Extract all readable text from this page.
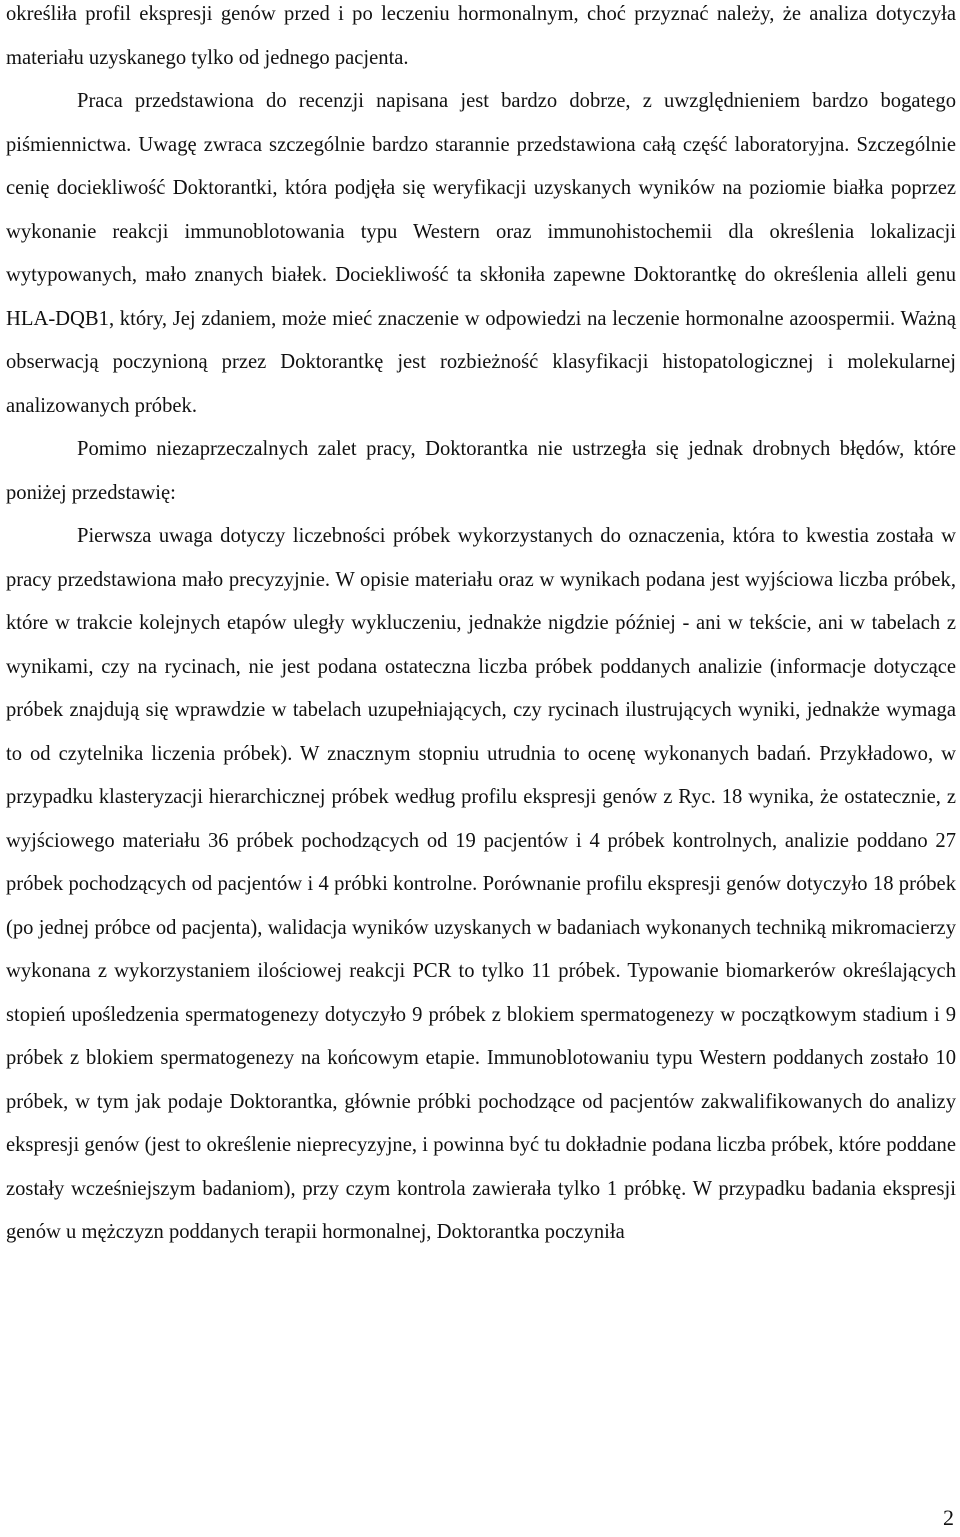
określiła profil ekspresji genów przed i po leczeniu hormonalnym, choć przyznać należy, że analiza dotyczyła materiału uzyskanego tylko od jednego pacjenta.

Praca przedstawiona do recenzji napisana jest bardzo dobrze, z uwzględnieniem bardzo bogatego piśmiennictwa. Uwagę zwraca szczególnie bardzo starannie przedstawiona całą część laboratoryjna. Szczególnie cenię dociekliwość Doktorantki, która podjęła się weryfikacji uzyskanych wyników na poziomie białka poprzez wykonanie reakcji immunoblotowania typu Western oraz immunohistochemii dla określenia lokalizacji wytypowanych, mało znanych białek. Dociekliwość ta skłoniła zapewne Doktorantkę do określenia alleli genu HLA-DQB1, który, Jej zdaniem, może mieć znaczenie w odpowiedzi na leczenie hormonalne azoospermii. Ważną obserwacją poczynioną przez Doktorantkę jest rozbieżność klasyfikacji histopatologicznej i molekularnej analizowanych próbek.

Pomimo niezaprzeczalnych zalet pracy, Doktorantka nie ustrzegła się jednak drobnych błędów, które poniżej przedstawię:

Pierwsza uwaga dotyczy liczebności próbek wykorzystanych do oznaczenia, która to kwestia została w pracy przedstawiona mało precyzyjnie. W opisie materiału oraz w wynikach podana jest wyjściowa liczba próbek, które w trakcie kolejnych etapów uległy wykluczeniu, jednakże nigdzie później - ani w tekście, ani w tabelach z wynikami, czy na rycinach, nie jest podana ostateczna liczba próbek poddanych analizie (informacje dotyczące próbek znajdują się wprawdzie w tabelach uzupełniających, czy rycinach ilustrujących wyniki, jednakże wymaga to od czytelnika liczenia próbek). W znacznym stopniu utrudnia to ocenę wykonanych badań. Przykładowo, w przypadku klasteryzacji hierarchicznej próbek według profilu ekspresji genów z Ryc. 18 wynika, że ostatecznie, z wyjściowego materiału 36 próbek pochodzących od 19 pacjentów i 4 próbek kontrolnych, analizie poddano 27 próbek pochodzących od pacjentów i 4 próbki kontrolne. Porównanie profilu ekspresji genów dotyczyło 18 próbek (po jednej próbce od pacjenta), walidacja wyników uzyskanych w badaniach wykonanych techniką mikromacierzy wykonana z wykorzystaniem ilościowej reakcji PCR to tylko 11 próbek. Typowanie biomarkerów określających stopień upośledzenia spermatogenezy dotyczyło 9 próbek z blokiem spermatogenezy w początkowym stadium i 9 próbek z blokiem spermatogenezy na końcowym etapie. Immunoblotowaniu typu Western poddanych zostało 10 próbek, w tym jak podaje Doktorantka, głównie próbki pochodzące od pacjentów zakwalifikowanych do analizy ekspresji genów (jest to określenie nieprecyzyjne, i powinna być tu dokładnie podana liczba próbek, które poddane zostały wcześniejszym badaniom), przy czym kontrola zawierała tylko 1 próbkę. W przypadku badania ekspresji genów u mężczyzn poddanych terapii hormonalnej, Doktorantka poczyniła

2
